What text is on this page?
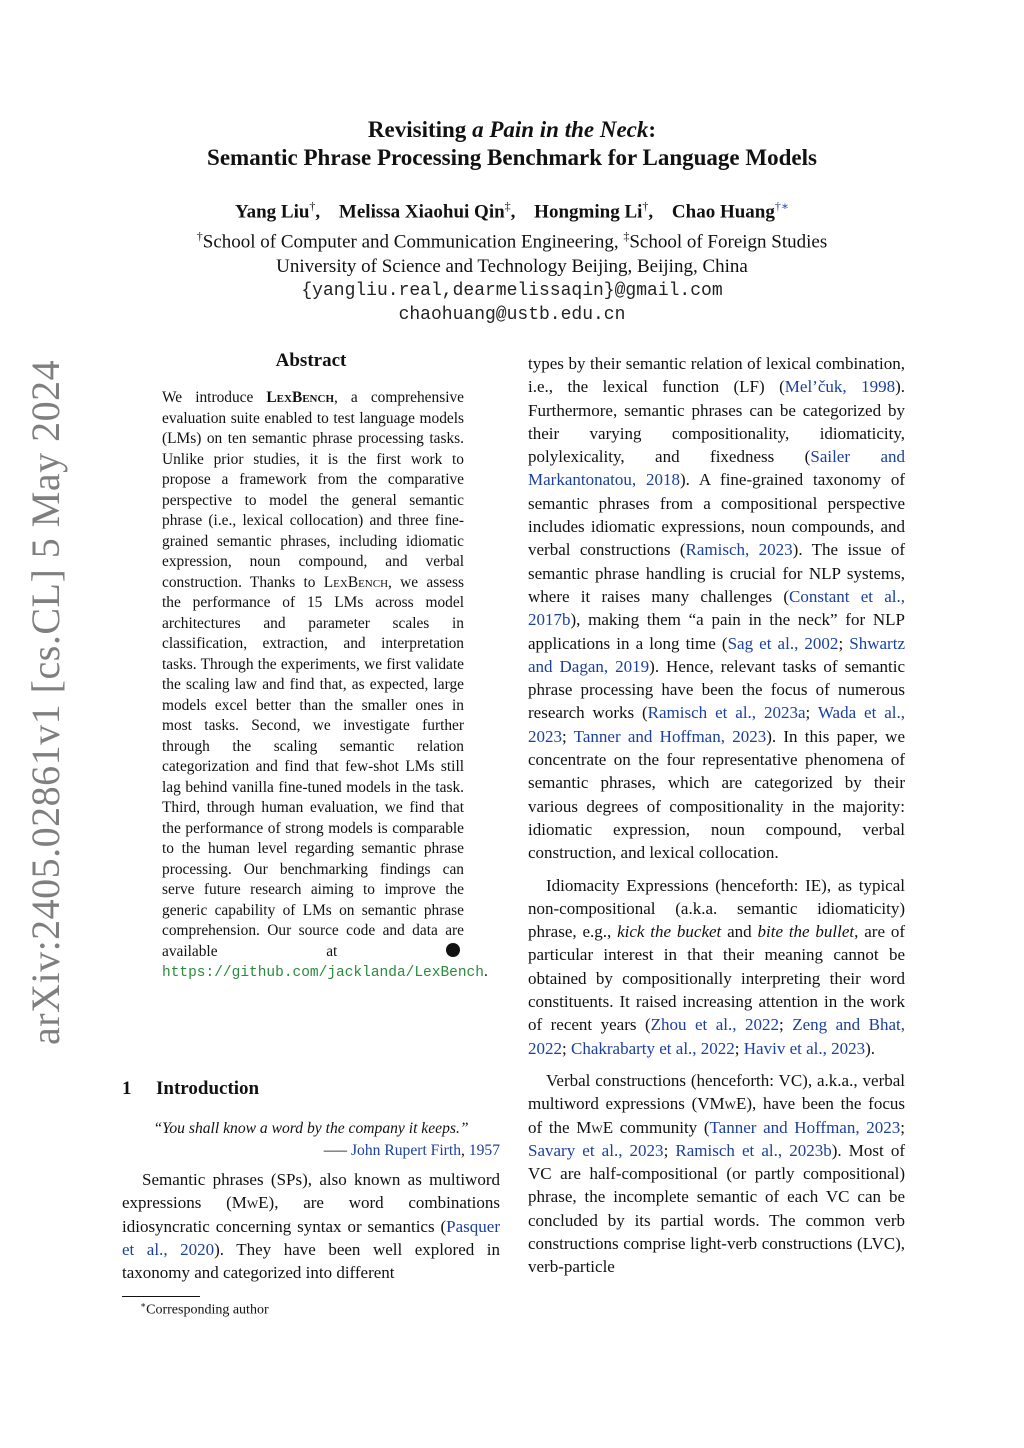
arXiv:2405.02861v1 [cs.CL] 5 May 2024
Revisiting a Pain in the Neck:
Semantic Phrase Processing Benchmark for Language Models
Yang Liu†, Melissa Xiaohui Qin‡, Hongming Li†, Chao Huang†∗
†School of Computer and Communication Engineering, ‡School of Foreign Studies
University of Science and Technology Beijing, Beijing, China
{yangliu.real,dearmelissaqin}@gmail.com
chaohuang@ustb.edu.cn
Abstract
We introduce LexBench, a comprehensive evaluation suite enabled to test language models (LMs) on ten semantic phrase processing tasks. Unlike prior studies, it is the first work to propose a framework from the comparative perspective to model the general semantic phrase (i.e., lexical collocation) and three fine-grained semantic phrases, including idiomatic expression, noun compound, and verbal construction. Thanks to LexBench, we assess the performance of 15 LMs across model architectures and parameter scales in classification, extraction, and interpretation tasks. Through the experiments, we first validate the scaling law and find that, as expected, large models excel better than the smaller ones in most tasks. Second, we investigate further through the scaling semantic relation categorization and find that few-shot LMs still lag behind vanilla fine-tuned models in the task. Third, through human evaluation, we find that the performance of strong models is comparable to the human level regarding semantic phrase processing. Our benchmarking findings can serve future research aiming to improve the generic capability of LMs on semantic phrase comprehension. Our source code and data are available at https://github.com/jacklanda/LexBench.
1 Introduction
“You shall know a word by the company it keeps.”
—– John Rupert Firth, 1957
Semantic phrases (SPs), also known as multiword expressions (MwE), are word combinations idiosyncratic concerning syntax or semantics (Pasquer et al., 2020). They have been well explored in taxonomy and categorized into different
∗Corresponding author

types by their semantic relation of lexical combination, i.e., the lexical function (LF) (Mel’čuk, 1998). Furthermore, semantic phrases can be categorized by their varying compositionality, idiomaticity, polylexicality, and fixedness (Sailer and Markantonatou, 2018). A fine-grained taxonomy of semantic phrases from a compositional perspective includes idiomatic expressions, noun compounds, and verbal constructions (Ramisch, 2023). The issue of semantic phrase handling is crucial for NLP systems, where it raises many challenges (Constant et al., 2017b), making them “a pain in the neck” for NLP applications in a long time (Sag et al., 2002; Shwartz and Dagan, 2019). Hence, relevant tasks of semantic phrase processing have been the focus of numerous research works (Ramisch et al., 2023a; Wada et al., 2023; Tanner and Hoffman, 2023). In this paper, we concentrate on the four representative phenomena of semantic phrases, which are categorized by their various degrees of compositionality in the majority: idiomatic expression, noun compound, verbal construction, and lexical collocation.

Idiomacity Expressions (henceforth: IE), as typical non-compositional (a.k.a. semantic idiomaticity) phrase, e.g., kick the bucket and bite the bullet, are of particular interest in that their meaning cannot be obtained by compositionally interpreting their word constituents. It raised increasing attention in the work of recent years (Zhou et al., 2022; Zeng and Bhat, 2022; Chakrabarty et al., 2022; Haviv et al., 2023).

Verbal constructions (henceforth: VC), a.k.a., verbal multiword expressions (VMwE), have been the focus of the MwE community (Tanner and Hoffman, 2023; Savary et al., 2023; Ramisch et al., 2023b). Most of VC are half-compositional (or partly compositional) phrase, the incomplete semantic of each VC can be concluded by its partial words. The common verb constructions comprise light-verb constructions (LVC), verb-particle
